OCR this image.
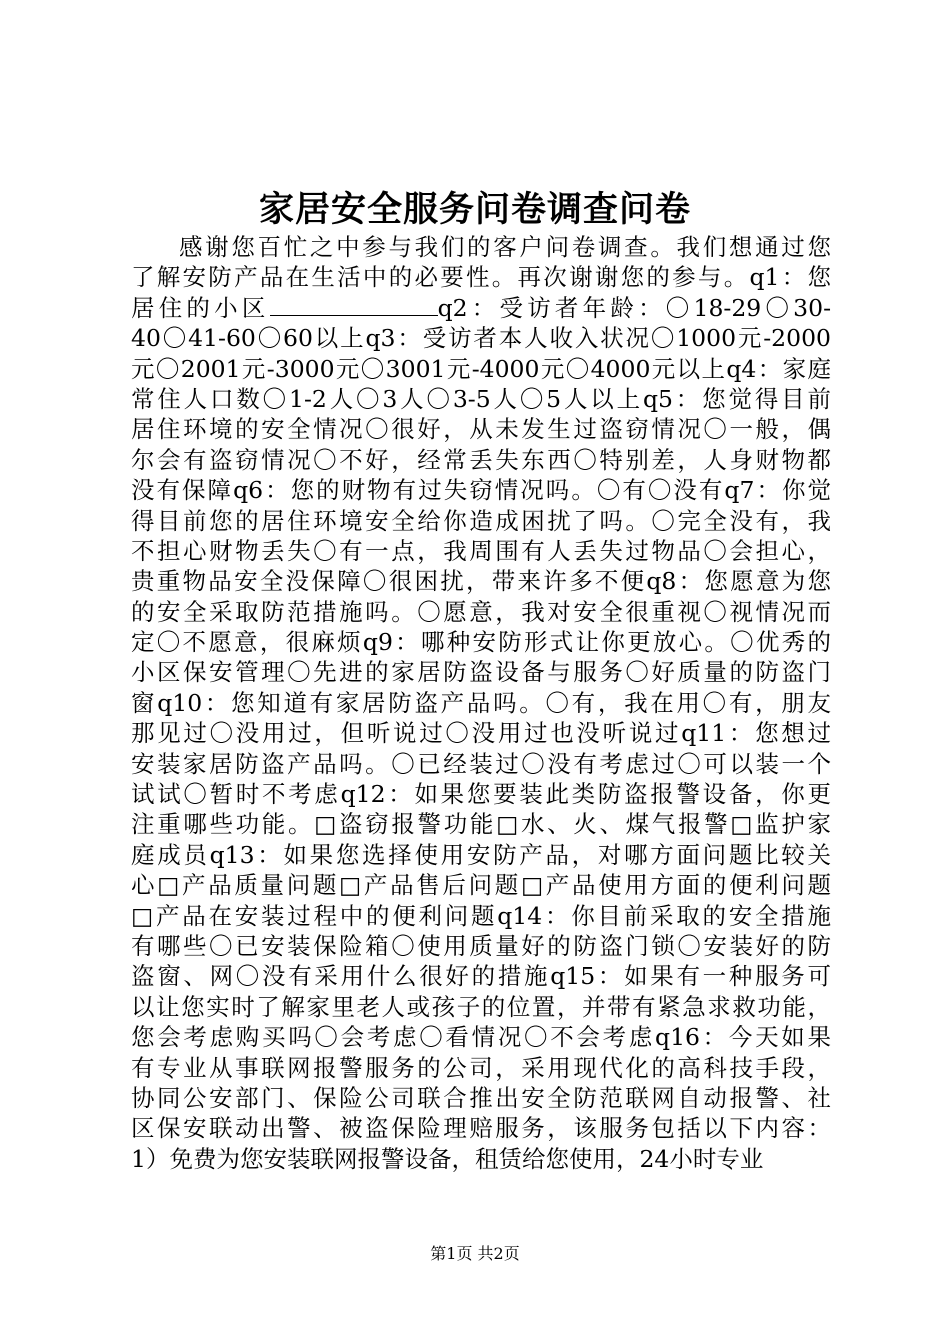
家居安全服务问卷调查问卷
感谢您百忙之中参与我们的客户问卷调查。我们想通过您
了解安防产品在生活中的必要性。再次谢谢您的参与。q1：您
居住的小区	q2：受访者年龄：〇18-29〇30-
40〇41-60〇60以上q3：受访者本人收入状况〇1000元-2000
元〇2001元-3000元〇3001元-4000元〇4000元以上q4：家庭
常住人口数〇1-2人〇3人〇3-5人〇5人以上q5：您觉得目前
居住环境的安全情况〇很好，从未发生过盗窃情况〇一般，偶
尔会有盗窃情况〇不好，经常丢失东西〇特别差，人身财物都
没有保障q6：您的财物有过失窃情况吗。〇有〇没有q7：你觉
得目前您的居住环境安全给你造成困扰了吗。〇完全没有，我
不担心财物丢失〇有一点，我周围有人丢失过物品〇会担心，
贵重物品安全没保障〇很困扰，带来许多不便q8：您愿意为您
的安全采取防范措施吗。〇愿意，我对安全很重视〇视情况而
定〇不愿意，很麻烦q9：哪种安防形式让你更放心。〇优秀的
小区保安管理〇先进的家居防盗设备与服务〇好质量的防盗门
窗q10：您知道有家居防盗产品吗。〇有，我在用〇有，朋友
那见过〇没用过，但听说过〇没用过也没听说过q11：您想过
安装家居防盗产品吗。〇已经装过〇没有考虑过〇可以装一个
试试〇暂时不考虑q12：如果您要装此类防盗报警设备，你更
注重哪些功能。□盗窃报警功能□水、火、煤气报警□监护家
庭成员q13：如果您选择使用安防产品，对哪方面问题比较关
心□产品质量问题□产品售后问题□产品使用方面的便利问题
□产品在安装过程中的便利问题q14：你目前采取的安全措施
有哪些〇已安装保险箱〇使用质量好的防盗门锁〇安装好的防
盗窗、网〇没有采用什么很好的措施q15：如果有一种服务可
以让您实时了解家里老人或孩子的位置，并带有紧急求救功能，
您会考虑购买吗〇会考虑〇看情况〇不会考虑q16：今天如果
有专业从事联网报警服务的公司，采用现代化的高科技手段，
协同公安部门、保险公司联合推出安全防范联网自动报警、社
区保安联动出警、被盗保险理赔服务，该服务包括以下内容：
1）免费为您安装联网报警设备，租赁给您使用，24小时专业
第1页 共2页
